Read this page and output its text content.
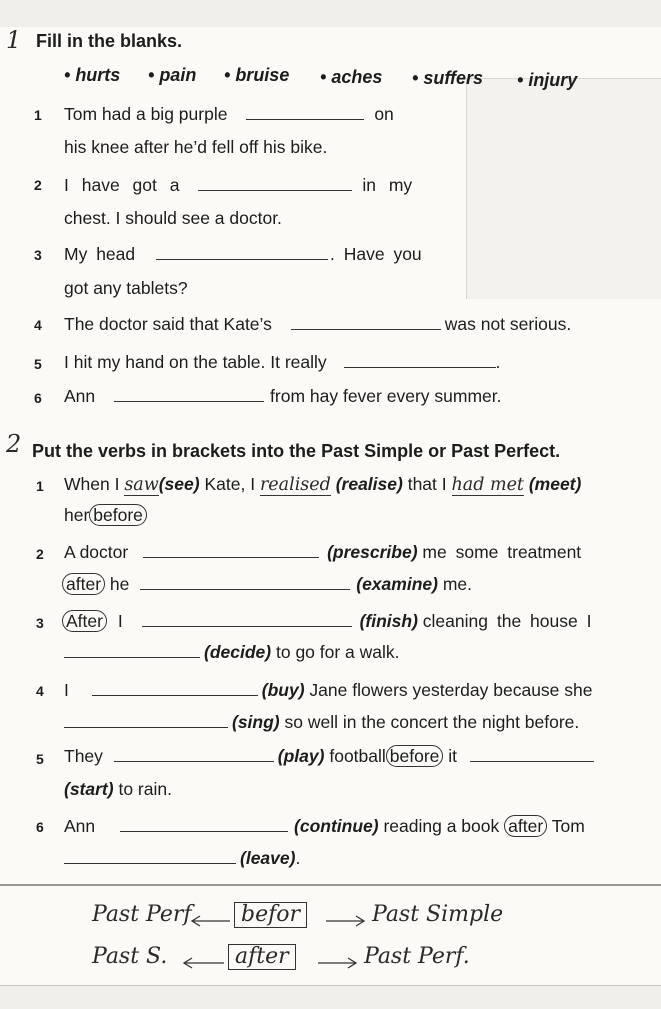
1 Fill in the blanks.
• hurts • pain • bruise • aches • suffers • injury
1 Tom had a big purple	on
his knee after he’d fell off his bike.
2 I have got a	in my
chest. I should see a doctor.
3 My head	. Have you
got any tablets?
4 The doctor said that Kate’s	was not serious.
5 I hit my hand on the table. It really	.
6 Ann	from hay fever every summer.
2 Put the verbs in brackets into the Past Simple or Past Perfect.
1 When I saw(see) Kate, I realised (realise) that I had met (meet)
her before
2 A doctor	(prescribe) me some treatment
after he	(examine) me.
3 After I	(finish) cleaning the house I
(decide) to go for a walk.
4 I	(buy) Jane flowers yesterday because she
(sing) so well in the concert the night before.
5 They	(play) football before it
(start) to rain.
6 Ann	(continue) reading a book after Tom
(leave).
Past Perf	befor	Past Simple
Past S.	after	Past Perf.
